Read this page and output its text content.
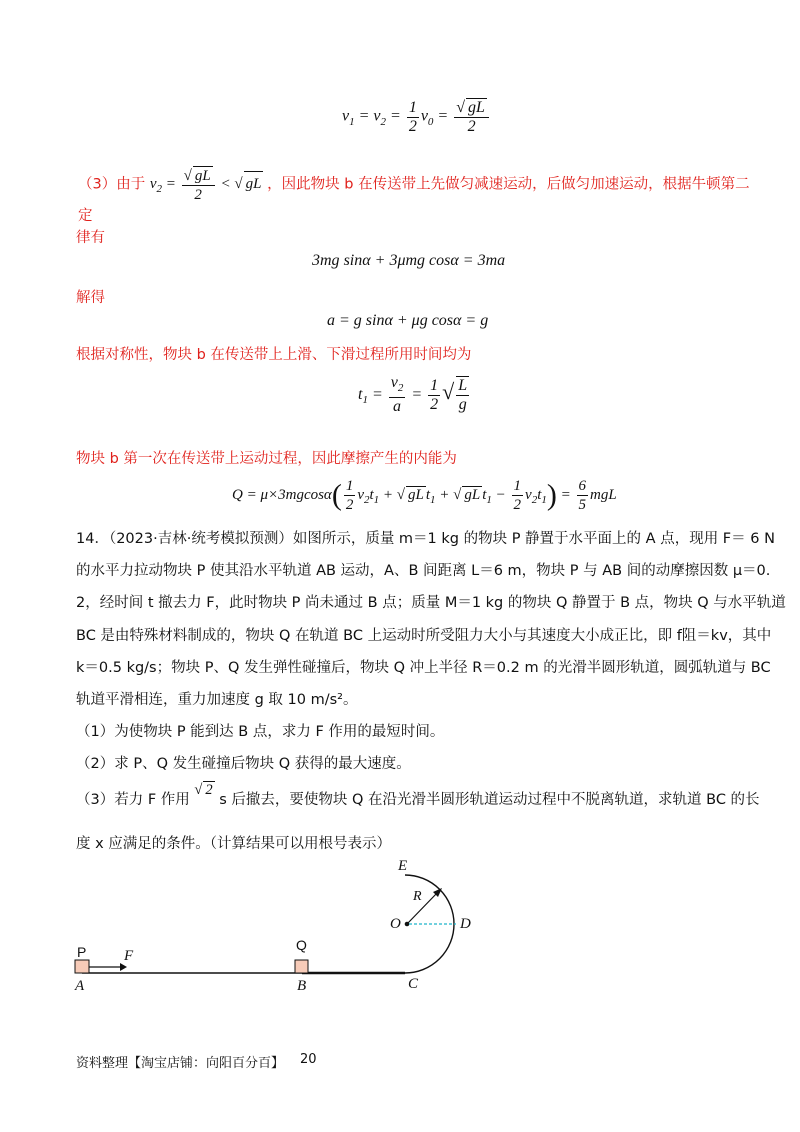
$v_1 = v_2 = \frac{1}{2} v_0 = \frac{√ gL}{2}$
（3）由于 $v_2 = \frac{√ gL}{2}$ < √ gL ，因此物块 b 在传送带上先做匀减速运动，后做匀加速运动，根据牛顿第二定
律有
3mg sinα + 3μmg cosα = 3ma
解得
a = g sinα + μg cosα = g
根据对称性，物块 b 在传送带上上滑、下滑过程所用时间均为
$t_1 = \frac{v_2}{a} = \frac{1}{2}$ √ $\frac{L}{g}$
物块 b 第一次在传送带上运动过程，因此摩擦产生的内能为
$Q = \mu\times 3mgcos\alpha( \frac{1}{2} v_2t_1$ + √ gL $t_1$ + √ gL $t_1 - \frac{1}{2} v_2t_1) = \frac{6}{5}$ mgL
14．（2023·吉林·统考模拟预测）如图所示，质量 m＝1 kg 的物块 P 静置于水平面上的 A 点，现用 F＝ 6 N
的水平力拉动物块 P 使其沿水平轨道 AB 运动，A、B 间距离 L＝6 m，物块 P 与 AB 间的动摩擦因数 μ＝0.
2，经时间 t 撤去力 F，此时物块 P 尚未通过 B 点；质量 M＝1 kg 的物块 Q 静置于 B 点，物块 Q 与水平轨道
BC 是由特殊材料制成的，物块 Q 在轨道 BC 上运动时所受阻力大小与其速度大小成正比，即 f阻＝kv，其中
k＝0.5 kg/s；物块 P、Q 发生弹性碰撞后，物块 Q 冲上半径 R＝0.2 m 的光滑半圆形轨道，圆弧轨道与 BC
轨道平滑相连，重力加速度 g 取 10 m/s²。
（1）为使物块 P 能到达 B 点，求力 F 作用的最短时间。
（2）求 P、Q 发生碰撞后物块 Q 获得的最大速度。
（3）若力 F 作用 √ 2 s 后撤去，要使物块 Q 在沿光滑半圆形轨道运动过程中不脱离轨道，求轨道 BC 的长
度 x 应满足的条件。（计算结果可以用根号表示）
P	F
A
Q
B	C
E
O
R
D
资料整理【淘宝店铺：向阳百分百】 20
